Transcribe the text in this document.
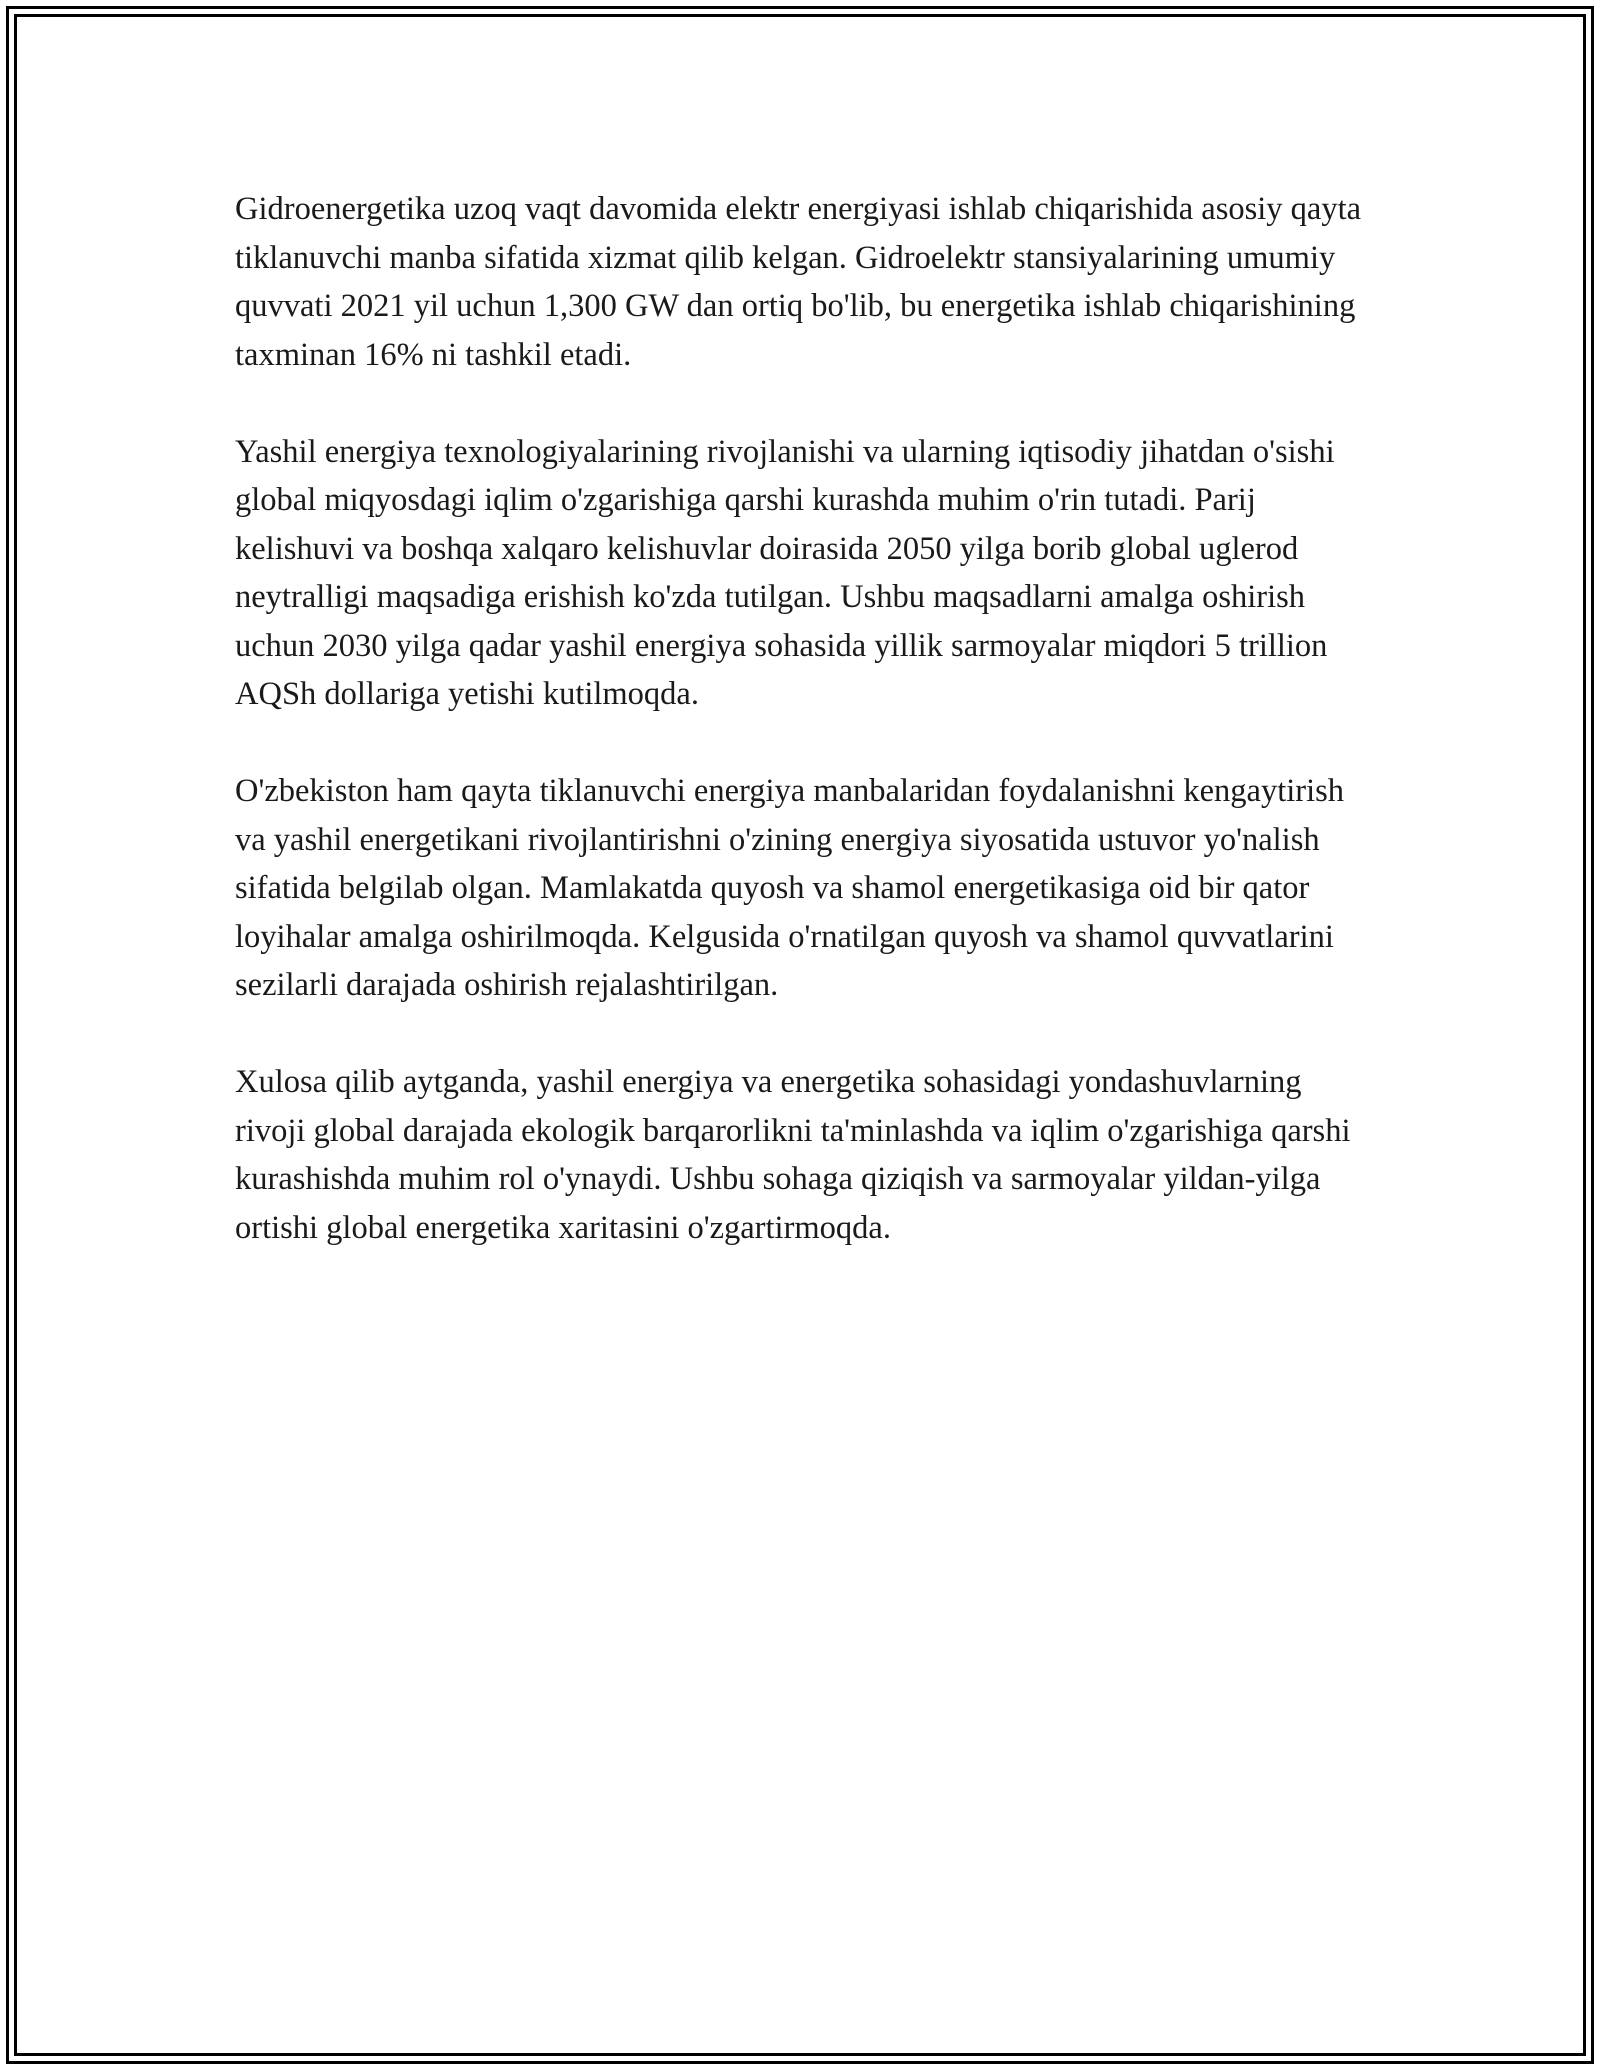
Gidroenergetika uzoq vaqt davomida elektr energiyasi ishlab chiqarishida asosiy qayta tiklanuvchi manba sifatida xizmat qilib kelgan. Gidroelektr stansiyalarining umumiy quvvati 2021 yil uchun 1,300 GW dan ortiq bo'lib, bu energetika ishlab chiqarishining taxminan 16% ni tashkil etadi.

Yashil energiya texnologiyalarining rivojlanishi va ularning iqtisodiy jihatdan o'sishi global miqyosdagi iqlim o'zgarishiga qarshi kurashda muhim o'rin tutadi. Parij kelishuvi va boshqa xalqaro kelishuvlar doirasida 2050 yilga borib global uglerod neytralligi maqsadiga erishish ko'zda tutilgan. Ushbu maqsadlarni amalga oshirish uchun 2030 yilga qadar yashil energiya sohasida yillik sarmoyalar miqdori 5 trillion AQSh dollariga yetishi kutilmoqda.

O'zbekiston ham qayta tiklanuvchi energiya manbalaridan foydalanishni kengaytirish va yashil energetikani rivojlantirishni o'zining energiya siyosatida ustuvor yo'nalish sifatida belgilab olgan. Mamlakatda quyosh va shamol energetikasiga oid bir qator loyihalar amalga oshirilmoqda. Kelgusida o'rnatilgan quyosh va shamol quvvatlarini sezilarli darajada oshirish rejalashtirilgan.

Xulosa qilib aytganda, yashil energiya va energetika sohasidagi yondashuvlarning rivoji global darajada ekologik barqarorlikni ta'minlashda va iqlim o'zgarishiga qarshi kurashishda muhim rol o'ynaydi. Ushbu sohaga qiziqish va sarmoyalar yildan-yilga ortishi global energetika xaritasini o'zgartirmoqda.
